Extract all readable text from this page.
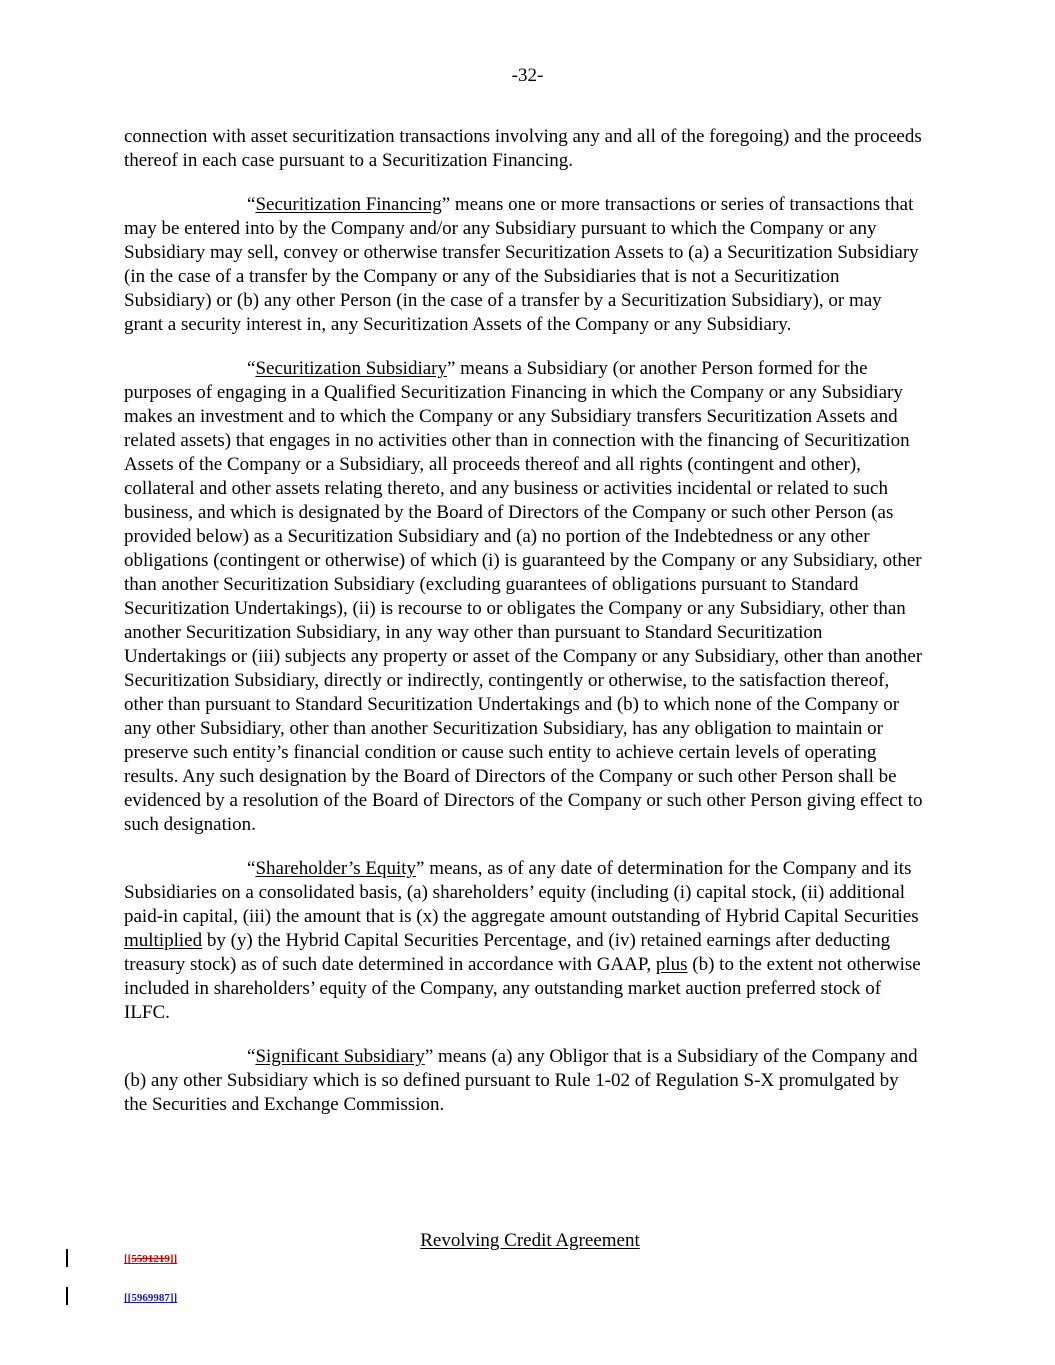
-32-

connection with asset securitization transactions involving any and all of the foregoing) and the proceeds thereof in each case pursuant to a Securitization Financing.

“Securitization Financing” means one or more transactions or series of transactions that may be entered into by the Company and/or any Subsidiary pursuant to which the Company or any Subsidiary may sell, convey or otherwise transfer Securitization Assets to (a) a Securitization Subsidiary (in the case of a transfer by the Company or any of the Subsidiaries that is not a Securitization Subsidiary) or (b) any other Person (in the case of a transfer by a Securitization Subsidiary), or may grant a security interest in, any Securitization Assets of the Company or any Subsidiary.

“Securitization Subsidiary” means a Subsidiary (or another Person formed for the purposes of engaging in a Qualified Securitization Financing in which the Company or any Subsidiary makes an investment and to which the Company or any Subsidiary transfers Securitization Assets and related assets) that engages in no activities other than in connection with the financing of Securitization Assets of the Company or a Subsidiary, all proceeds thereof and all rights (contingent and other), collateral and other assets relating thereto, and any business or activities incidental or related to such business, and which is designated by the Board of Directors of the Company or such other Person (as provided below) as a Securitization Subsidiary and (a) no portion of the Indebtedness or any other obligations (contingent or otherwise) of which (i) is guaranteed by the Company or any Subsidiary, other than another Securitization Subsidiary (excluding guarantees of obligations pursuant to Standard Securitization Undertakings), (ii) is recourse to or obligates the Company or any Subsidiary, other than another Securitization Subsidiary, in any way other than pursuant to Standard Securitization Undertakings or (iii) subjects any property or asset of the Company or any Subsidiary, other than another Securitization Subsidiary, directly or indirectly, contingently or otherwise, to the satisfaction thereof, other than pursuant to Standard Securitization Undertakings and (b) to which none of the Company or any other Subsidiary, other than another Securitization Subsidiary, has any obligation to maintain or preserve such entity’s financial condition or cause such entity to achieve certain levels of operating results. Any such designation by the Board of Directors of the Company or such other Person shall be evidenced by a resolution of the Board of Directors of the Company or such other Person giving effect to such designation.

“Shareholder’s Equity” means, as of any date of determination for the Company and its Subsidiaries on a consolidated basis, (a) shareholders’ equity (including (i) capital stock, (ii) additional paid-in capital, (iii) the amount that is (x) the aggregate amount outstanding of Hybrid Capital Securities multiplied by (y) the Hybrid Capital Securities Percentage, and (iv) retained earnings after deducting treasury stock) as of such date determined in accordance with GAAP, plus (b) to the extent not otherwise included in shareholders’ equity of the Company, any outstanding market auction preferred stock of ILFC.

“Significant Subsidiary” means (a) any Obligor that is a Subsidiary of the Company and (b) any other Subsidiary which is so defined pursuant to Rule 1-02 of Regulation S-X promulgated by the Securities and Exchange Commission.

Revolving Credit Agreement
[[5591219]]
[[5969987]]
